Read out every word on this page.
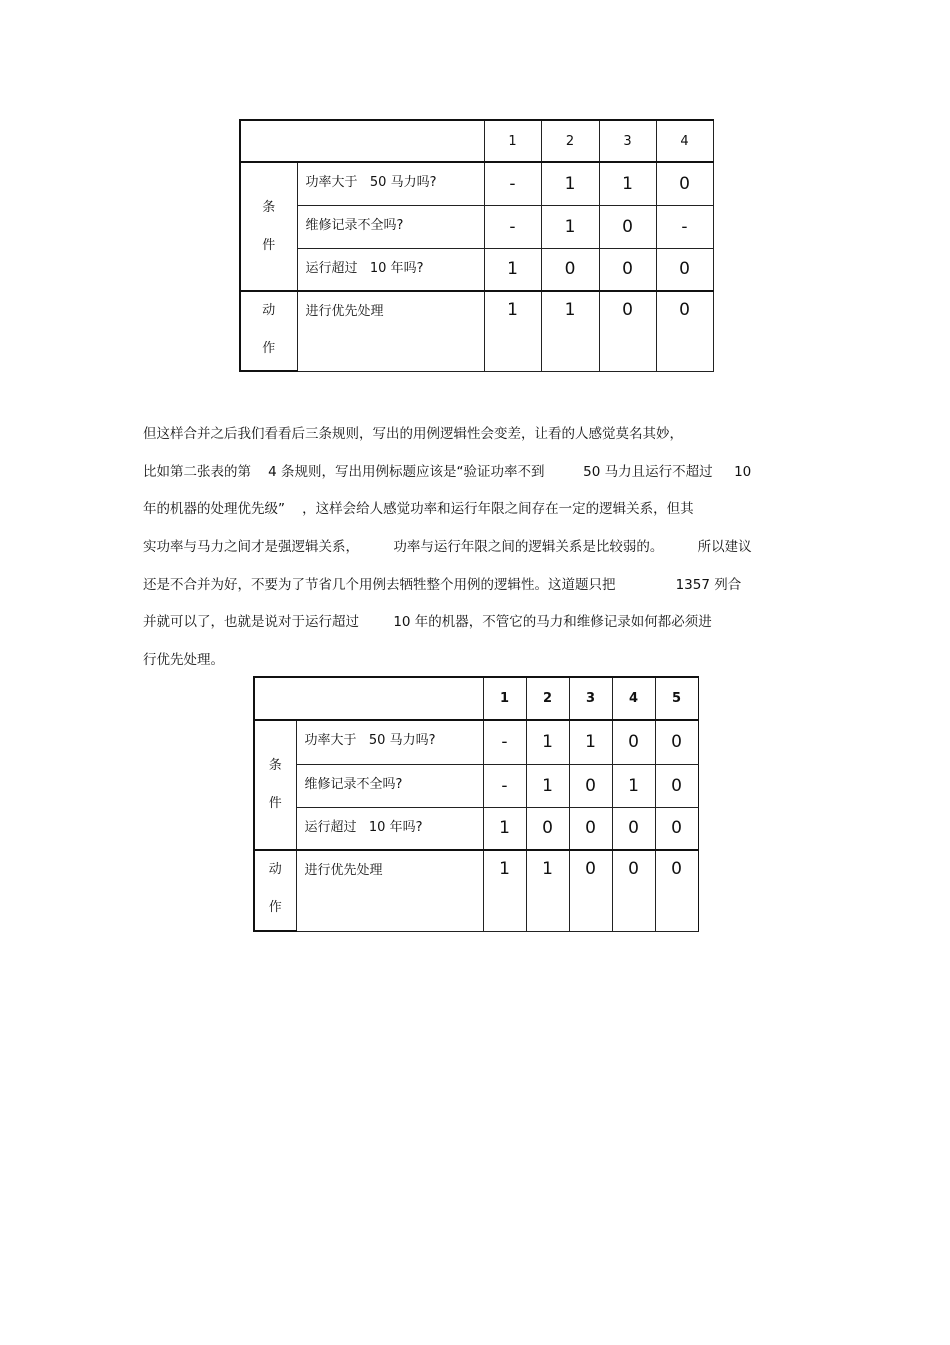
		1	2	3	4

条
件	功率大于   50 马力吗?	-	1	1	0
	维修记录不全吗?	-	1	0	-
	运行超过   10 年吗?	1	0	0	0

动
作	进行优先处理	1	1	0	0
但这样合并之后我们看看后三条规则，写出的用例逻辑性会变差，让看的人感觉莫名其妙，
比如第二张表的第    4 条规则，写出用例标题应该是“验证功率不到         50 马力且运行不超过     10
年的机器的处理优先级”    ，这样会给人感觉功率和运行年限之间存在一定的逻辑关系，但其
实功率与马力之间才是强逻辑关系，        功率与运行年限之间的逻辑关系是比较弱的。        所以建议
还是不合并为好，不要为了节省几个用例去牺牲整个用例的逻辑性。这道题只把              1357 列合
并就可以了，也就是说对于运行超过        10 年的机器，不管它的马力和维修记录如何都必须进
行优先处理。
		1	2	3	4	5

条
件	功率大于   50 马力吗?	-	1	1	0	0
	维修记录不全吗?	-	1	0	1	0
	运行超过   10 年吗?	1	0	0	0	0

动
作	进行优先处理	1	1	0	0	0
